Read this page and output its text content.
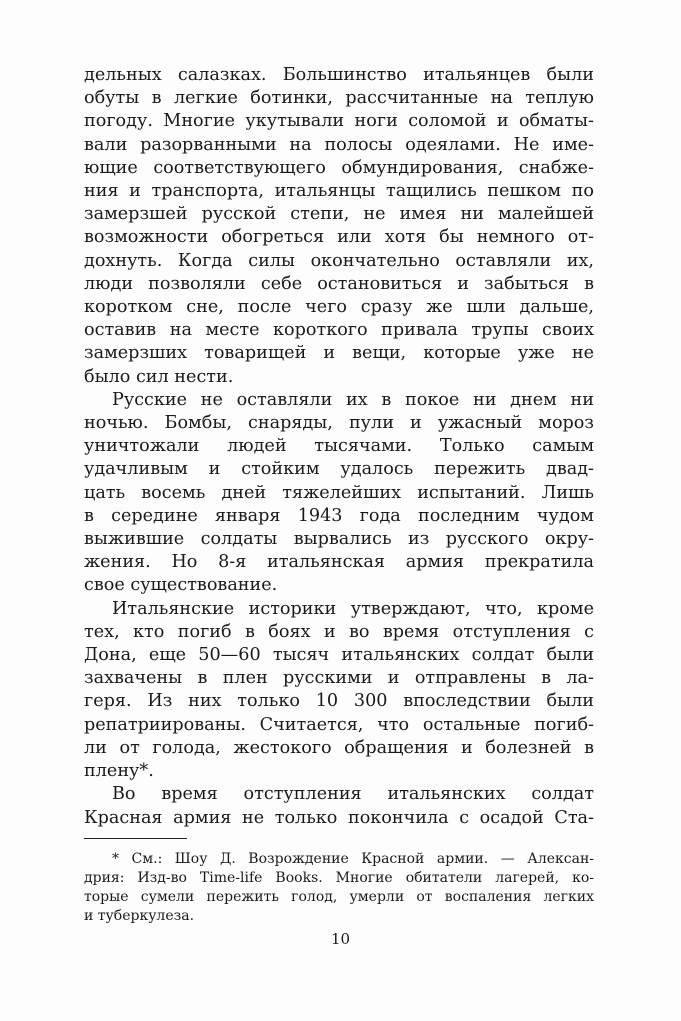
дельных салазках. Большинство итальянцев были

обуты в легкие ботинки, рассчитанные на теплую

погоду. Многие укутывали ноги соломой и обматы-

вали разорванными на полосы одеялами. Не име-

ющие соответствующего обмундирования, снабже-

ния и транспорта, итальянцы тащились пешком по

замерзшей русской степи, не имея ни малейшей

возможности обогреться или хотя бы немного от-

дохнуть. Когда силы окончательно оставляли их,

люди позволяли себе остановиться и забыться в

коротком сне, после чего сразу же шли дальше,

оставив на месте короткого привала трупы своих

замерзших товарищей и вещи, которые уже не

было сил нести.

Русские не оставляли их в покое ни днем ни

ночью. Бомбы, снаряды, пули и ужасный мороз

уничтожали людей тысячами. Только самым

удачливым и стойким удалось пережить двад-

цать восемь дней тяжелейших испытаний. Лишь

в середине января 1943 года последним чудом

выжившие солдаты вырвались из русского окру-

жения. Но 8-я итальянская армия прекратила

свое существование.

Итальянские историки утверждают, что, кроме

тех, кто погиб в боях и во время отступления с

Дона, еще 50—60 тысяч итальянских солдат были

захвачены в плен русскими и отправлены в ла-

геря. Из них только 10 300 впоследствии были

репатриированы. Считается, что остальные погиб-

ли от голода, жестокого обращения и болезней в

плену*.

Во время отступления итальянских солдат

Красная армия не только покончила с осадой Ста-

* См.: Шоу Д. Возрождение Красной армии. — Алексан-

дрия: Изд-во Time-life Books. Многие обитатели лагерей, ко-

торые сумели пережить голод, умерли от воспаления легких

и туберкулеза.

10
